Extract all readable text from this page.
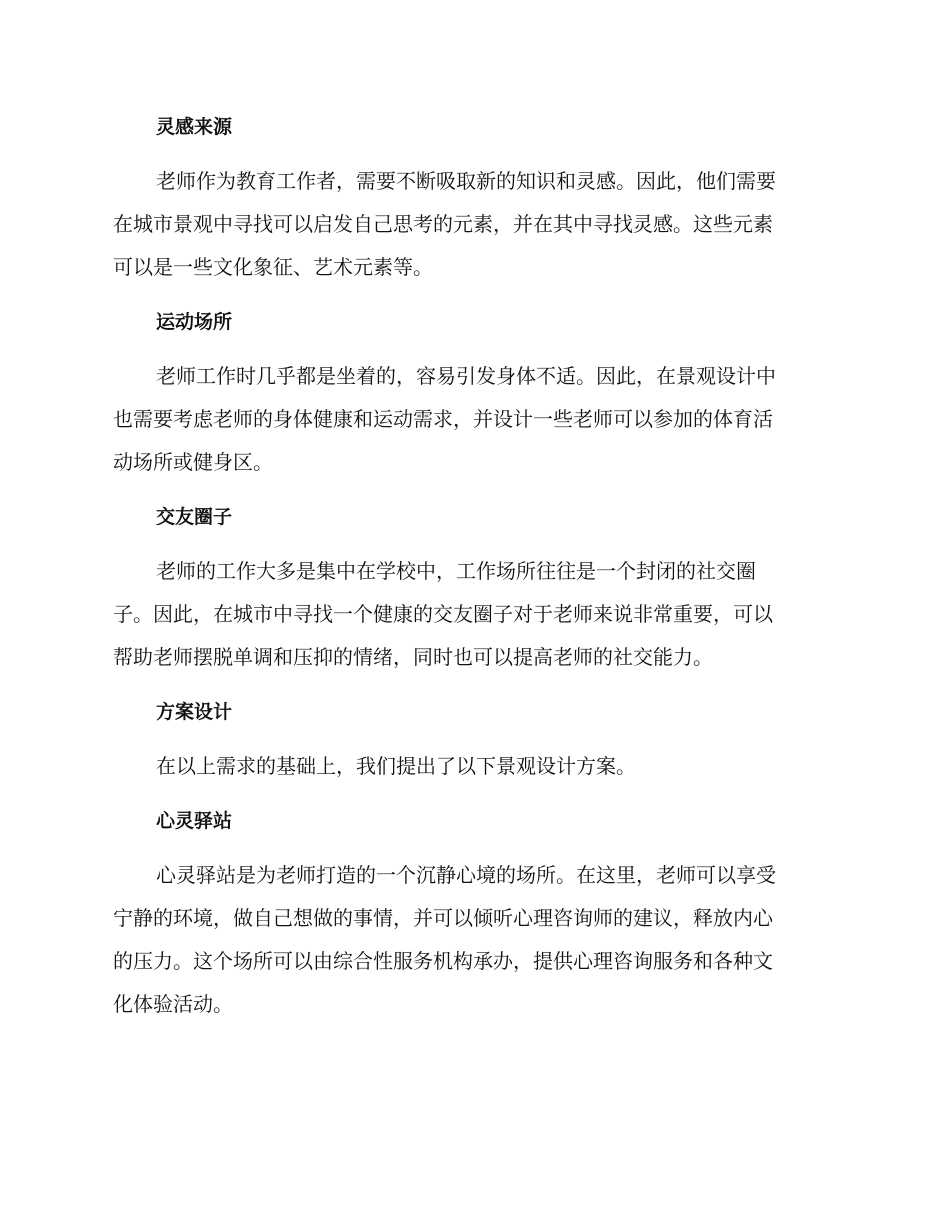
灵感来源

老师作为教育工作者，需要不断吸取新的知识和灵感。因此，他们需要
在城市景观中寻找可以启发自己思考的元素，并在其中寻找灵感。这些元素
可以是一些文化象征、艺术元素等。

运动场所

老师工作时几乎都是坐着的，容易引发身体不适。因此，在景观设计中
也需要考虑老师的身体健康和运动需求，并设计一些老师可以参加的体育活
动场所或健身区。

交友圈子

老师的工作大多是集中在学校中，工作场所往往是一个封闭的社交圈
子。因此，在城市中寻找一个健康的交友圈子对于老师来说非常重要，可以
帮助老师摆脱单调和压抑的情绪，同时也可以提高老师的社交能力。

方案设计

在以上需求的基础上，我们提出了以下景观设计方案。

心灵驿站

心灵驿站是为老师打造的一个沉静心境的场所。在这里，老师可以享受
宁静的环境，做自己想做的事情，并可以倾听心理咨询师的建议，释放内心
的压力。这个场所可以由综合性服务机构承办，提供心理咨询服务和各种文
化体验活动。
